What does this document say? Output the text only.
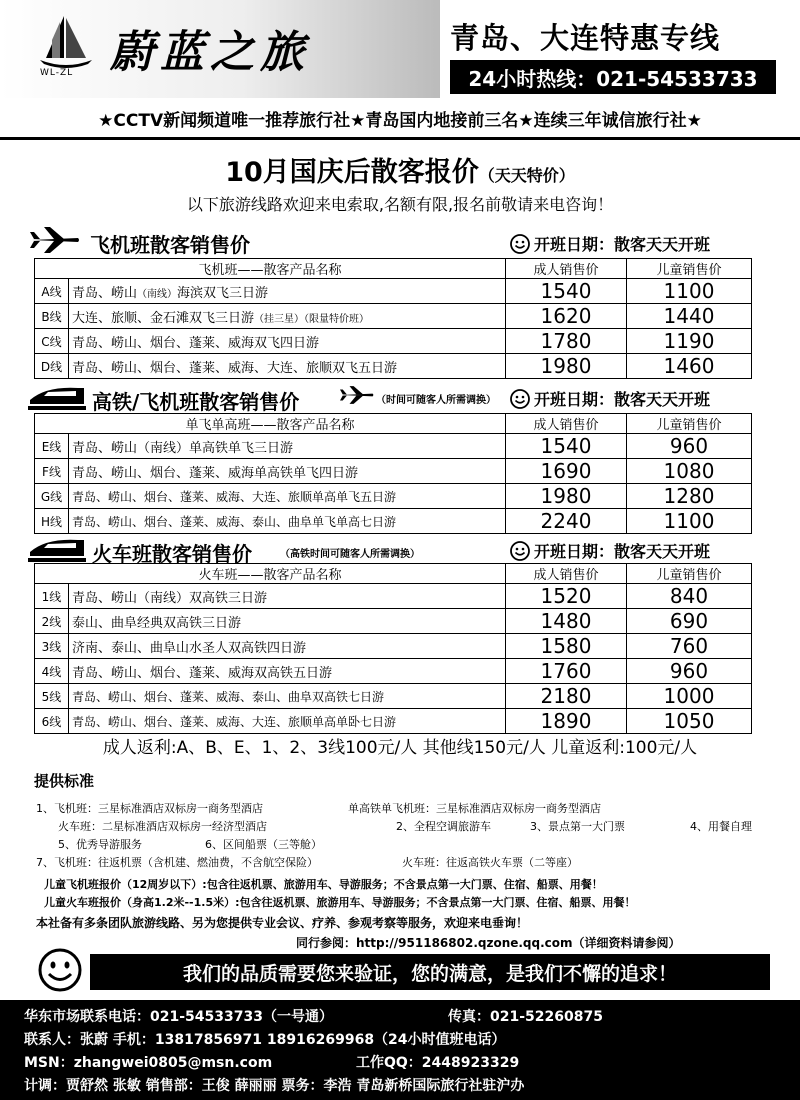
WL-ZL 蔚蓝之旅	青岛、大连特惠专线
24小时热线：021-54533733
★CCTV新闻频道唯一推荐旅行社★青岛国内地接前三名★连续三年诚信旅行社★
10月国庆后散客报价（天天特价）
以下旅游线路欢迎来电索取,名额有限,报名前敬请来电咨询！
飞机班散客销售价	开班日期：散客天天开班
飞机班——散客产品名称		成人销售价	儿童销售价
A线	青岛、崂山（南线）海滨双飞三日游	1540	1100
B线	大连、旅顺、金石滩双飞三日游（挂三星）（限量特价班）	1620	1440
C线	青岛、崂山、烟台、蓬莱、威海双飞四日游	1780	1190
D线	青岛、崂山、烟台、蓬莱、威海、大连、旅顺双飞五日游	1980	1460
高铁/飞机班散客销售价	（时间可随客人所需调换） 开班日期：散客天天开班
单飞单高班——散客产品名称		成人销售价	儿童销售价
E线	青岛、崂山（南线）单高铁单飞三日游	1540	960
F线	青岛、崂山、烟台、蓬莱、威海单高铁单飞四日游	1690	1080
G线	青岛、崂山、烟台、蓬莱、威海、大连、旅顺单高单飞五日游	1980	1280
H线	青岛、崂山、烟台、蓬莱、威海、泰山、曲阜单飞单高七日游	2240	1100
火车班散客销售价	（高铁时间可随客人所需调换）	开班日期：散客天天开班
火车班——散客产品名称		成人销售价	儿童销售价
1线	青岛、崂山（南线）双高铁三日游	1520	840
2线	泰山、曲阜经典双高铁三日游	1480	690
3线	济南、泰山、曲阜山水圣人双高铁四日游	1580	760
4线	青岛、崂山、烟台、蓬莱、威海双高铁五日游	1760	960
5线	青岛、崂山、烟台、蓬莱、威海、泰山、曲阜双高铁七日游	2180	1000
6线	青岛、崂山、烟台、蓬莱、威海、大连、旅顺单高单卧七日游	1890	1050
成人返利:A、B、E、1、2、3线100元/人 其他线150元/人 儿童返利:100元/人
提供标准
1、飞机班：三星标准酒店双标房一商务型酒店	单高铁单飞机班：三星标准酒店双标房一商务型酒店
火车班：二星标准酒店双标房一经济型酒店	2、全程空调旅游车	3、景点第一大门票	4、用餐自理
5、优秀导游服务	6、区间船票（三等舱）
7、飞机班：往返机票（含机建、燃油费，不含航空保险）	火车班：往返高铁火车票（二等座）
儿童飞机班报价（12周岁以下）:包含往返机票、旅游用车、导游服务；不含景点第一大门票、住宿、船票、用餐！
儿童火车班报价（身高1.2米--1.5米）:包含往返机票、旅游用车、导游服务；不含景点第一大门票、住宿、船票、用餐！
本社备有多条团队旅游线路、另为您提供专业会议、疗养、参观考察等服务，欢迎来电垂询！
同行参阅：http://951186802.qzone.qq.com（详细资料请参阅）
我们的品质需要您来验证，您的满意，是我们不懈的追求！
华东市场联系电话：021-54533733（一号通）	传真：021-52260875
联系人：张蔚 手机：13817856971 18916269968（24小时值班电话）
MSN：zhangwei0805@msn.com	工作QQ：2448923329
计调：贾舒然 张敏 销售部：王俊 薛丽丽 票务：李浩 青岛新桥国际旅行社驻沪办
